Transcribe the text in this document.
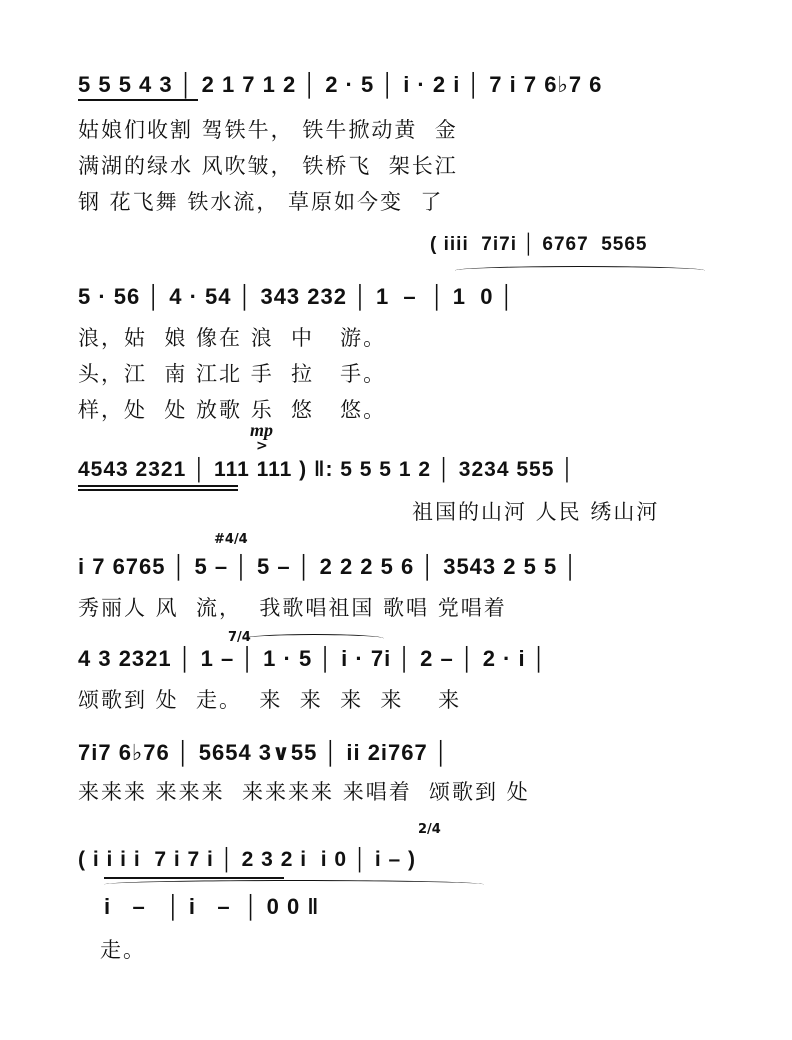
5 5 5 4 3 │ 2 1 7 1 2 │ 2 · 5 │ i · 2 i │ 7 i 7 6♭7 6
姑娘们收割 驾铁牛， 铁牛掀动黄  金
满湖的绿水 风吹皱， 铁桥飞  架长江
钢 花飞舞 铁水流， 草原如今变  了
( iiii  7i7i │ 6767  5565
5 · 56 │ 4 · 54 │ 343 232 │ 1  –  │ 1  0 │
浪，姑  娘 像在 浪  中   游。
头，江  南 江北 手  拉   手。
样，处  处 放歌 乐  悠   悠。
mp
>
4543 2321 │ 111 111 ) ‖: 5 5 5 1 2 │ 3234 555 │
祖国的山河 人民 绣山河
#4/4
i 7 6765 │ 5 – │ 5 – │ 2 2 2 5 6 │ 3543 2 5 5 │
秀丽人 风  流，  我歌唱祖国 歌唱 党唱着
7/4
4 3 2321 │ 1 – │ 1 · 5 │ i · 7i │ 2 – │ 2 · i │
颂歌到 处  走。  来  来  来  来    来
7i7 6♭76 │ 5654 3∨55 │ ii 2i767 │
来来来 来来来  来来来来 来唱着  颂歌到 处
2/4
( i i i i  7 i 7 i │ 2 3 2 i  i 0 │ i – )
i   –   │ i   –  │ 0 0 ‖
走。
